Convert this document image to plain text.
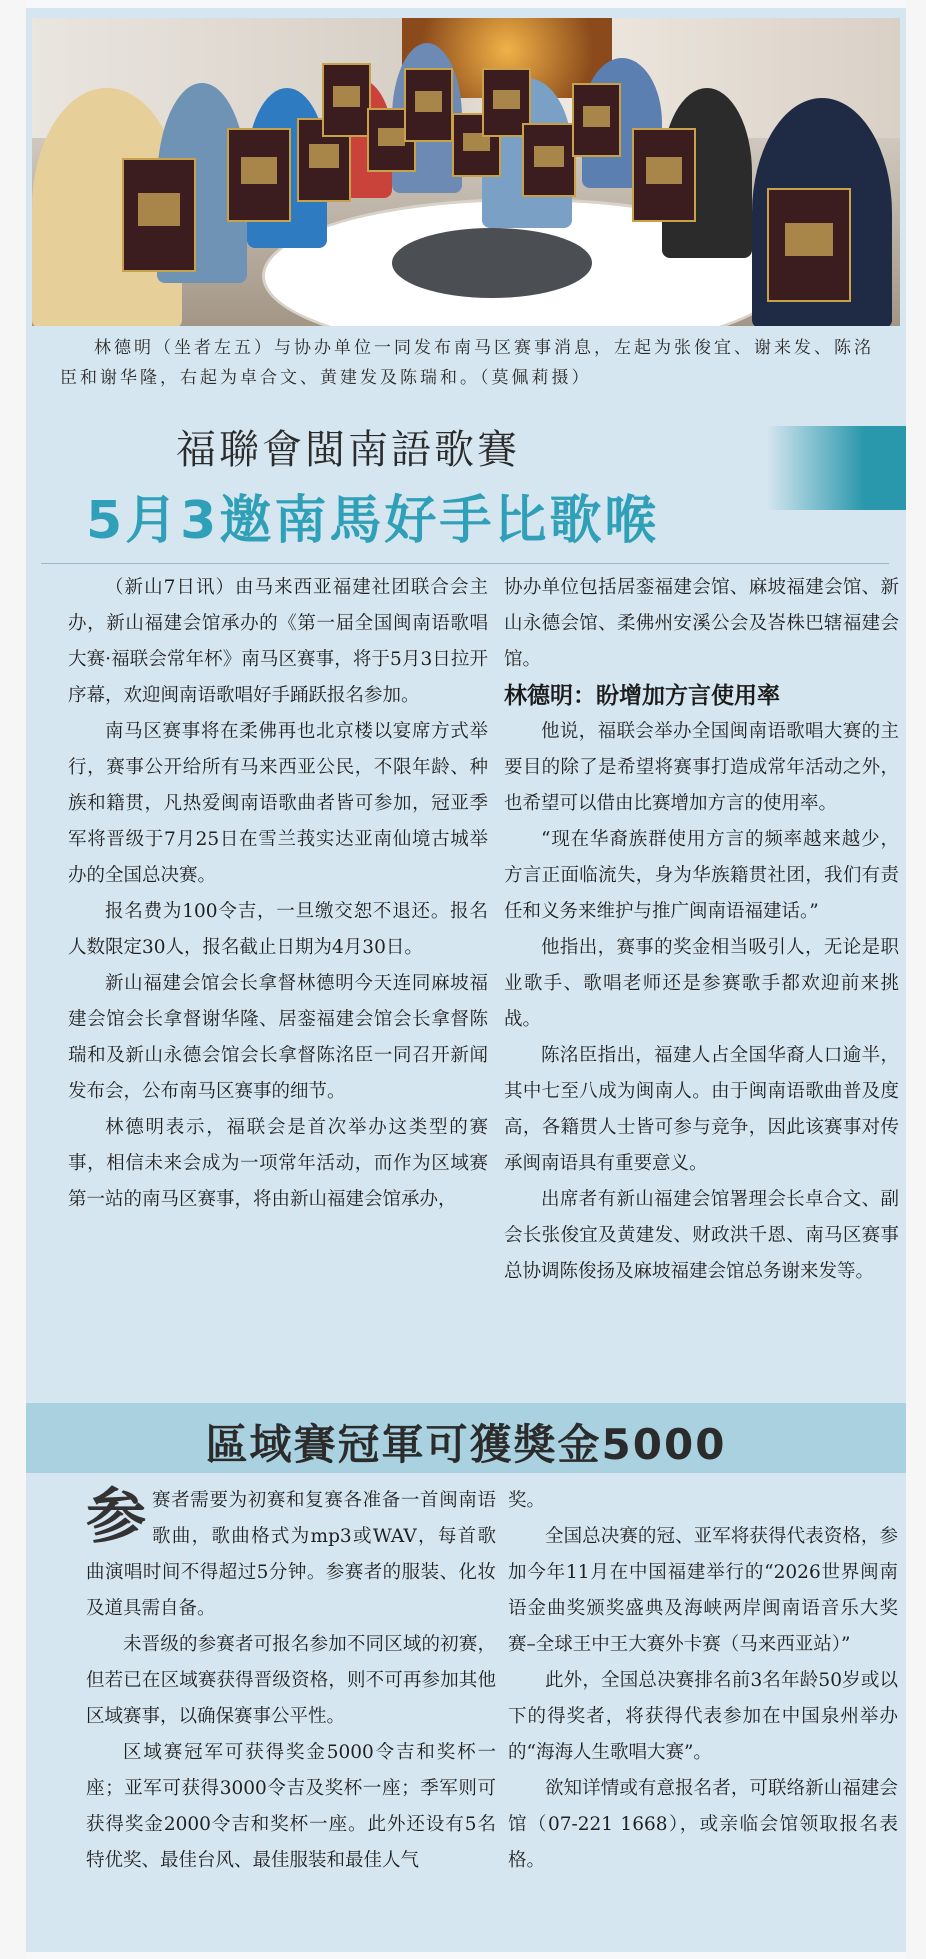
林德明（坐者左五）与协办单位一同发布南马区赛事消息，左起为张俊宜、谢来发、陈洺臣和谢华隆，右起为卓合文、黄建发及陈瑞和。（莫佩莉摄）
福聯會閩南語歌賽
5月3邀南馬好手比歌喉

（新山7日讯）由马来西亚福建社团联合会主办，新山福建会馆承办的《第一届全国闽南语歌唱大赛·福联会常年杯》南马区赛事，将于5月3日拉开序幕，欢迎闽南语歌唱好手踊跃报名参加。

南马区赛事将在柔佛再也北京楼以宴席方式举行，赛事公开给所有马来西亚公民，不限年龄、种族和籍贯，凡热爱闽南语歌曲者皆可参加，冠亚季军将晋级于7月25日在雪兰莪实达亚南仙境古城举办的全国总决赛。

报名费为100令吉，一旦缴交恕不退还。报名人数限定30人，报名截止日期为4月30日。

新山福建会馆会长拿督林德明今天连同麻坡福建会馆会长拿督谢华隆、居銮福建会馆会长拿督陈瑞和及新山永德会馆会长拿督陈洺臣一同召开新闻发布会，公布南马区赛事的细节。

林德明表示，福联会是首次举办这类型的赛事，相信未来会成为一项常年活动，而作为区域赛第一站的南马区赛事，将由新山福建会馆承办，

协办单位包括居銮福建会馆、麻坡福建会馆、新山永德会馆、柔佛州安溪公会及峇株巴辖福建会馆。

林德明：盼增加方言使用率

他说，福联会举办全国闽南语歌唱大赛的主要目的除了是希望将赛事打造成常年活动之外，也希望可以借由比赛增加方言的使用率。

“现在华裔族群使用方言的频率越来越少，方言正面临流失，身为华族籍贯社团，我们有责任和义务来维护与推广闽南语福建话。”

他指出，赛事的奖金相当吸引人，无论是职业歌手、歌唱老师还是参赛歌手都欢迎前来挑战。

陈洺臣指出，福建人占全国华裔人口逾半，其中七至八成为闽南人。由于闽南语歌曲普及度高，各籍贯人士皆可参与竞争，因此该赛事对传承闽南语具有重要意义。

出席者有新山福建会馆署理会长卓合文、副会长张俊宜及黄建发、财政洪千恩、南马区赛事总协调陈俊扬及麻坡福建会馆总务谢来发等。

區域賽冠軍可獲獎金5000

参赛者需要为初赛和复赛各准备一首闽南语歌曲，歌曲格式为mp3或WAV，每首歌曲演唱时间不得超过5分钟。参赛者的服装、化妆及道具需自备。

未晋级的参赛者可报名参加不同区域的初赛，但若已在区域赛获得晋级资格，则不可再参加其他区域赛事，以确保赛事公平性。

区域赛冠军可获得奖金5000令吉和奖杯一座；亚军可获得3000令吉及奖杯一座；季军则可获得奖金2000令吉和奖杯一座。此外还设有5名特优奖、最佳台风、最佳服装和最佳人气

奖。

全国总决赛的冠、亚军将获得代表资格，参加今年11月在中国福建举行的“2026世界闽南语金曲奖颁奖盛典及海峡两岸闽南语音乐大奖赛–全球王中王大赛外卡赛（马来西亚站）”

此外，全国总决赛排名前3名年龄50岁或以下的得奖者，将获得代表参加在中国泉州举办的“海海人生歌唱大赛”。

欲知详情或有意报名者，可联络新山福建会馆（07-221 1668），或亲临会馆领取报名表格。
